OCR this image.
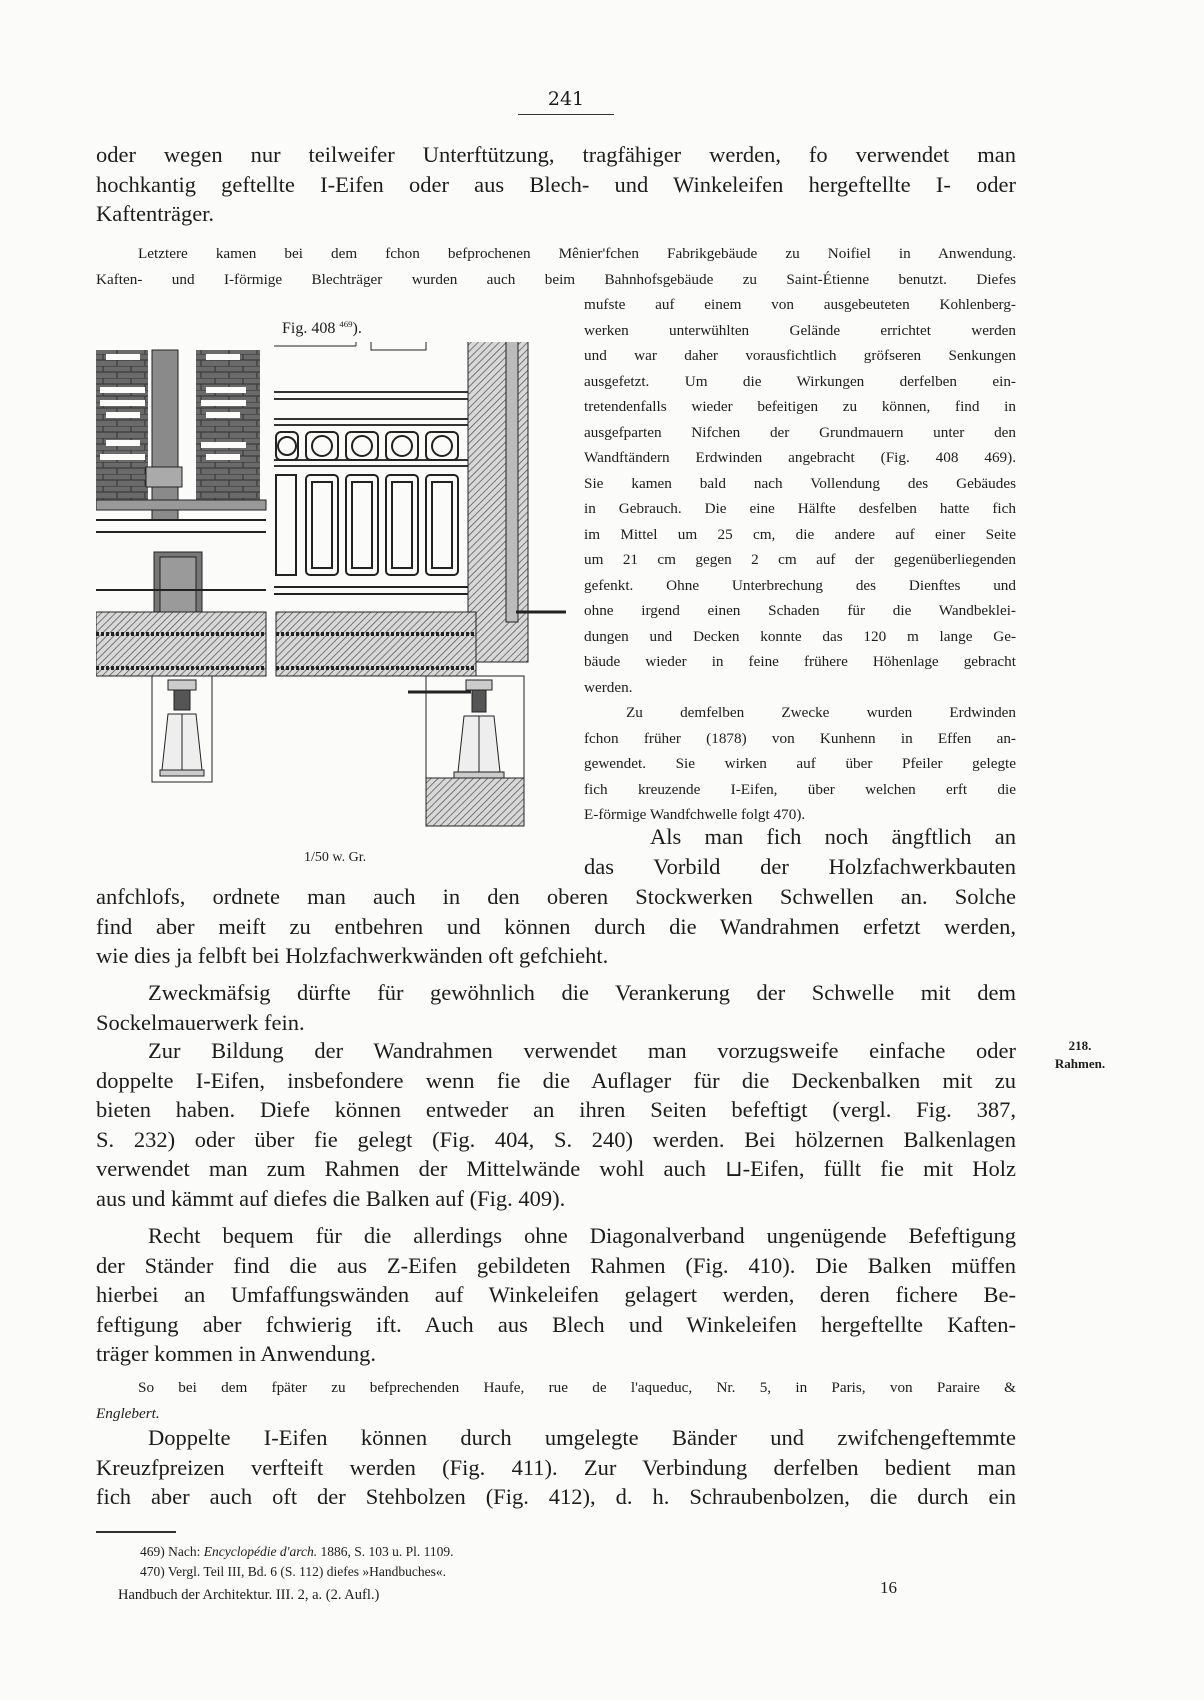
241
oder wegen nur teilweifer Unterftützung, tragfähiger werden, fo verwendet man
hochkantig geftellte I-Eifen oder aus Blech- und Winkeleifen hergeftellte I- oder
Kaftenträger.
Letztere kamen bei dem fchon befprochenen Mênier'fchen Fabrikgebäude zu Noifiel in Anwendung.
Kaften- und I-förmige Blechträger wurden auch beim Bahnhofsgebäude zu Saint-Étienne benutzt. Diefes
mufste auf einem von ausgebeuteten Kohlenberg-
werken unterwühlten Gelände errichtet werden
und war daher vorausfichtlich gröfseren Senkungen
ausgefetzt. Um die Wirkungen derfelben ein-
tretendenfalls wieder befeitigen zu können, find in
ausgefparten Nifchen der Grundmauern unter den
Wandftändern Erdwinden angebracht (Fig. 408 469).
Sie kamen bald nach Vollendung des Gebäudes
in Gebrauch. Die eine Hälfte desfelben hatte fich
im Mittel um 25 cm, die andere auf einer Seite
um 21 cm gegen 2 cm auf der gegenüberliegenden
gefenkt. Ohne Unterbrechung des Dienftes und
ohne irgend einen Schaden für die Wandbeklei-
dungen und Decken konnte das 120 m lange Ge-
bäude wieder in feine frühere Höhenlage gebracht
werden.
Zu demfelben Zwecke wurden Erdwinden
fchon früher (1878) von Kunhenn in Effen an-
gewendet. Sie wirken auf über Pfeiler gelegte
fich kreuzende I-Eifen, über welchen erft die
E-förmige Wandfchwelle folgt 470).
Als man fich noch ängftlich an
das Vorbild der Holzfachwerkbauten
anfchlofs, ordnete man auch in den oberen Stockwerken Schwellen an. Solche
find aber meift zu entbehren und können durch die Wandrahmen erfetzt werden,
wie dies ja felbft bei Holzfachwerkwänden oft gefchieht.
Zweckmäfsig dürfte für gewöhnlich die Verankerung der Schwelle mit dem
Sockelmauerwerk fein.
218.
Rahmen.
Zur Bildung der Wandrahmen verwendet man vorzugsweife einfache oder
doppelte I-Eifen, insbefondere wenn fie die Auflager für die Deckenbalken mit zu
bieten haben. Diefe können entweder an ihren Seiten befeftigt (vergl. Fig. 387,
S. 232) oder über fie gelegt (Fig. 404, S. 240) werden. Bei hölzernen Balkenlagen
verwendet man zum Rahmen der Mittelwände wohl auch ⊔-Eifen, füllt fie mit Holz
aus und kämmt auf diefes die Balken auf (Fig. 409).
Recht bequem für die allerdings ohne Diagonalverband ungenügende Befeftigung
der Ständer find die aus Z-Eifen gebildeten Rahmen (Fig. 410). Die Balken müffen
hierbei an Umfaffungswänden auf Winkeleifen gelagert werden, deren fichere Be-
feftigung aber fchwierig ift. Auch aus Blech und Winkeleifen hergeftellte Kaften-
träger kommen in Anwendung.
So bei dem fpäter zu befprechenden Haufe, rue de l'aqueduc, Nr. 5, in Paris, von Paraire &
Englebert.
Doppelte I-Eifen können durch umgelegte Bänder und zwifchengeftemmte
Kreuzfpreizen verfteift werden (Fig. 411). Zur Verbindung derfelben bedient man
fich aber auch oft der Stehbolzen (Fig. 412), d. h. Schraubenbolzen, die durch ein
Fig. 408 $^{469}$).
1/50 w. Gr.
469) Nach: Encyclopédie d'arch. 1886, S. 103 u. Pl. 1109.
470) Vergl. Teil III, Bd. 6 (S. 112) diefes »Handbuches«.
Handbuch der Architektur. III. 2, a. (2. Aufl.)	16
